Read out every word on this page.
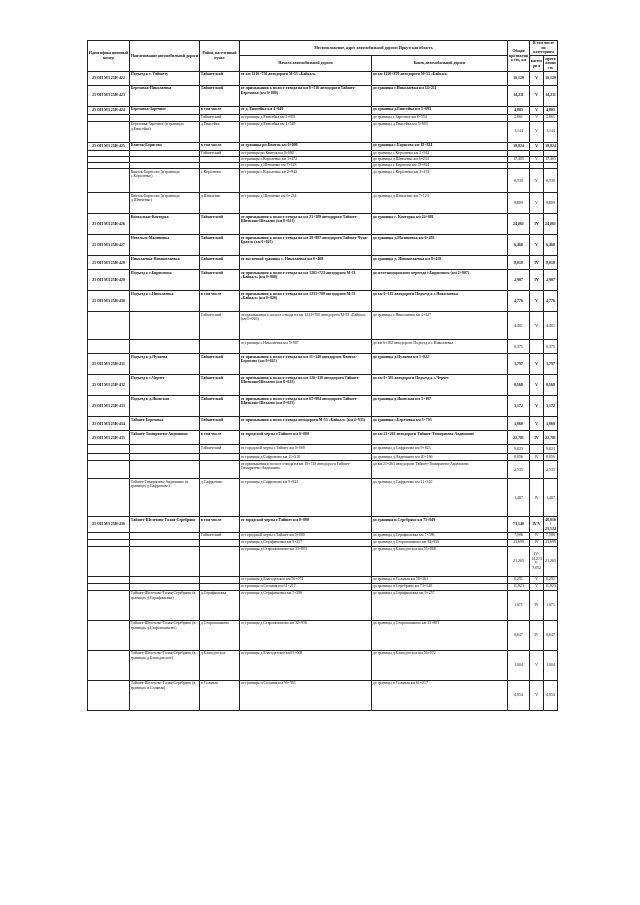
Идентифика ционный номер	Наименование автомобильной дороги	Район, населенный пункт	Местоположение, адрес автомобильной дороги: Иркутская область		Общая протяженно сть, км	В том числе по категориям	
			Начало автомобильной дороги	Конец автомобильной дороги		категори я	протяженно сть
25 ОП МЗ 25Н-422	Подъезд к г. Тайшету	Тайшетский	от км 1216+750 автодороги М-53 «Байкал»	до км 1226+870 автодороги М-53 «Байкал»	10,120	V	10,120
25 ОП МЗ 25Н-423	Березовка-Николаевка	Тайшетский	от примыкания к полосе отвода на км 6+516 автодороги Тайшет-Березовка (км 6+000)	до границы г.Николаевка км 14+211	14,211	V	14,211
25 ОП МЗ 25Н-424	Березовка-Заречное	в том числе	от д. Енисейка км 4+649	до границы д.Енисейка км 5+693	4,005	V	4,005
		Тайшетский	от границы д.Енисейка км 5+693	до границы с.Заречное км 8+554	2,861	V	2,861
	Березовка-Заречное (в границах д.Енисейка)	д.Енисейка	от границы д.Енисейка км 4+549	до границы д.Енисейка км 5+693	1,144	V	1,144
25 ОП МЗ 25Н-425	Квиток-Борисово	в том числе	от границы рп.Квиток км 0+000	до границы с.Борисово км 18+824	18,824	V	18,824
		Тайшетский	от границы рп.Квиток км 0+000	до границы с.Короленко км 2+942			
			от границы с.Короленко км 3+472	до границы д.Шевченко км 6+234	17,405	V	17,405
			от границы д.Шевченко км 7+123	до границы с.Борисово км 18+824			
	Квиток-Борисово (в границах с.Короленко)	с.Короленко	от границы с.Короленко км 2+942	до границы с.Короленко км 3+472	0,530	V	0,530
	Квиток-Борисово (в границах д.Шевченко)	д.Шевченко	от границы д.Шевченко км 6+234	до границы д.Шевченко км 7+123	0,889	V	0,889
25 ОП МЗ 25Н-426	Конкольки-Конторка	Тайшетский	от примыкания к полосе отвода на км 23+389 автодороги Тайшет-Шиткино-Шелаево (км 0+021)	до границы с. Конторка км 24+081	24,061	IV	24,061
25 ОП МЗ 25Н-427	Невельск-Малиновка	Тайшетский	от примыкания к полосе отвода на км 39+987 автодороги Тайшет-Чуна-Братск (км 0+025)	до границы д.Малиновка км 6+493	6,468	V	6,468
25 ОП МЗ 25Н-428	Николаевка-Новошелаевка	Тайшетский	от восточной границы с. Николаевка км 0+408	до границы д. Новошелаевка км 8+418	8,010	IV	8,010
25 ОП МЗ 25Н-429	Подъезд к г.Бирюсинск	Тайшетский	от примыкания к полосе отвода на км 1201+723 автодороги М-53 «Байкал» (км 0+000)	до железнодорожного переезда г.Бирюсинск (км 2+907)	2,907	IV	2,907
25 ОП МЗ 25Н-430	Подъезд к с.Николаевка	в том числе	от примыкания к полосе отвода на км 1233+700 автодороги М-53 «Байкал» (км 0+026)	до км 6+182 автодороги Подъезд к с.Николаевка	4,776	V	4,776
		Тайшетский	от примыкания к полосе отвода на км 1233+700 автодороги М-53 «Байкал» (км 0+026)	до границы с.Николаевка км 4+427	4,401	V	4,401
			от границы с.Николаевка км 5+807	до км 6+182 автодороги Подъезд к с.Николаевка	0,375		0,375
25 ОП МЗ 25Н-431	Подъезд к д.Пуляева	Тайшетский	от примыкания к полосе отвода на км 11+340 автодороги Квиток-Борисово (км 0+025)	до границы д.Пуляева км 1+822	1,797	V	1,797
25 ОП МЗ 25Н-432	Подъезд к с.Черчет	Тайшетский	от примыкания к полосе отвода на км 126+130 автодороги Тайшет-Шиткино-Шелаево (км 0+025)	до км 0+593 автодороги Подъезд к с.Черчет	0,568	V	0,568
25 ОП МЗ 25Н-433	Подъезд к д.Яковская	Тайшетский	от примыкания к полосе отвода на км 65+904 автодороги Тайшет-Шиткино-Шелаево (км 0+025)	до границы д.Яковская км 3+197	3,172	V	3,172
25 ОП МЗ 25Н-434	Тайшет-Березовка	Тайшетский	от примыкания к полосе отвода автодороги М-53 «Байкал» (км 4+933)	до границы с.Березовка км 5+793	1,860	V	1,860
25 ОП МЗ 25Н-435	Тайшет-Тимирязево-Авдюшино	в том числе	от городской черты г.Тайшет км 0+000	до км 21+263 автодороги Тайшет-Тимирязево-Авдюшино	22,701	IV	22,701
		Тайшетский	от городской черты г.Тайшет км 0+000	до границы д.Сафроново км 9+823	9,823		9,823
			от границы д.Сафроново км 11+310	до границы д.Авдюшино км 20+166	8,856	IV	8,856
			от примыкания к полосе отвода на км 18+728 автодороги Тайшет-Тимирязево-Авдюшино	до км 21+263 автодороги Тайшет-Тимирязево-Авдюшино	2,535		2,535
	Тайшет-Тимирязево-Авдюшино (в границах д.Сафроново)	д.Сафроново	от границы д.Сафроново км 9+823	до границы д.Сафроново км 11+310	1,487	IV	1,487
25 ОП МЗ 25Н-436	Тайшет-Шелехово-Талая-Серебряно	в том числе	от городской черты г.Тайшет км 0+000	до границы п.Серебряно км 75+049	73,140	IV/V	48,016/ 25,124
		Тайшетский	от городской черты г.Тайшет км 0+000	до границы д.Серафимовка км 7+586	7,586	IV	7,586
			от границы д.Серафимовка км 9+257	до границы д.Староишимово км 32+956	23,699	IV	23,699
			от границы д.Староишимово км 33+803	до границы д.Благодатское км 55+068	21,265	IV- 14,213 V-7,052	21,265
			от границы д.Благодатское км 56+072	до границы п.Соляная км 56+363	0,291	V	0,291
			от границы п.Соляная км 61+217	до границы п.Серебряно км 73+140	11,923	V	11,923
	Тайшет-Шелехово-Талая-Серебряно (в границах д.Серафимовка)	д.Серафимовка	от границы д.Серафимовка км 7+586	до границы д.Серафимовка км 9+257	1,671	IV	1,671
	Тайшет-Шелехово-Талая-Серебряно (в границах д.Староишимово)	д.Староишимово	от границы д.Староишимово км 32+956	до границы д.Староишимово км 33+803	0,847	IV	0,847
	Тайшет-Шелехово-Талая-Серебряно (в границах д.Благодатское)	д.Благодатское	от границы д.Благодатское км55+068	до границы д.Благодатское км 56+072	1,004	V	1,004
	Тайшет-Шелехово-Талая-Серебряно (в границах п.Соляная)	п.Соляная	от границы п.Соляная км 56+363	до границы п.Соляная км 61+217	4,854	V	4,854
